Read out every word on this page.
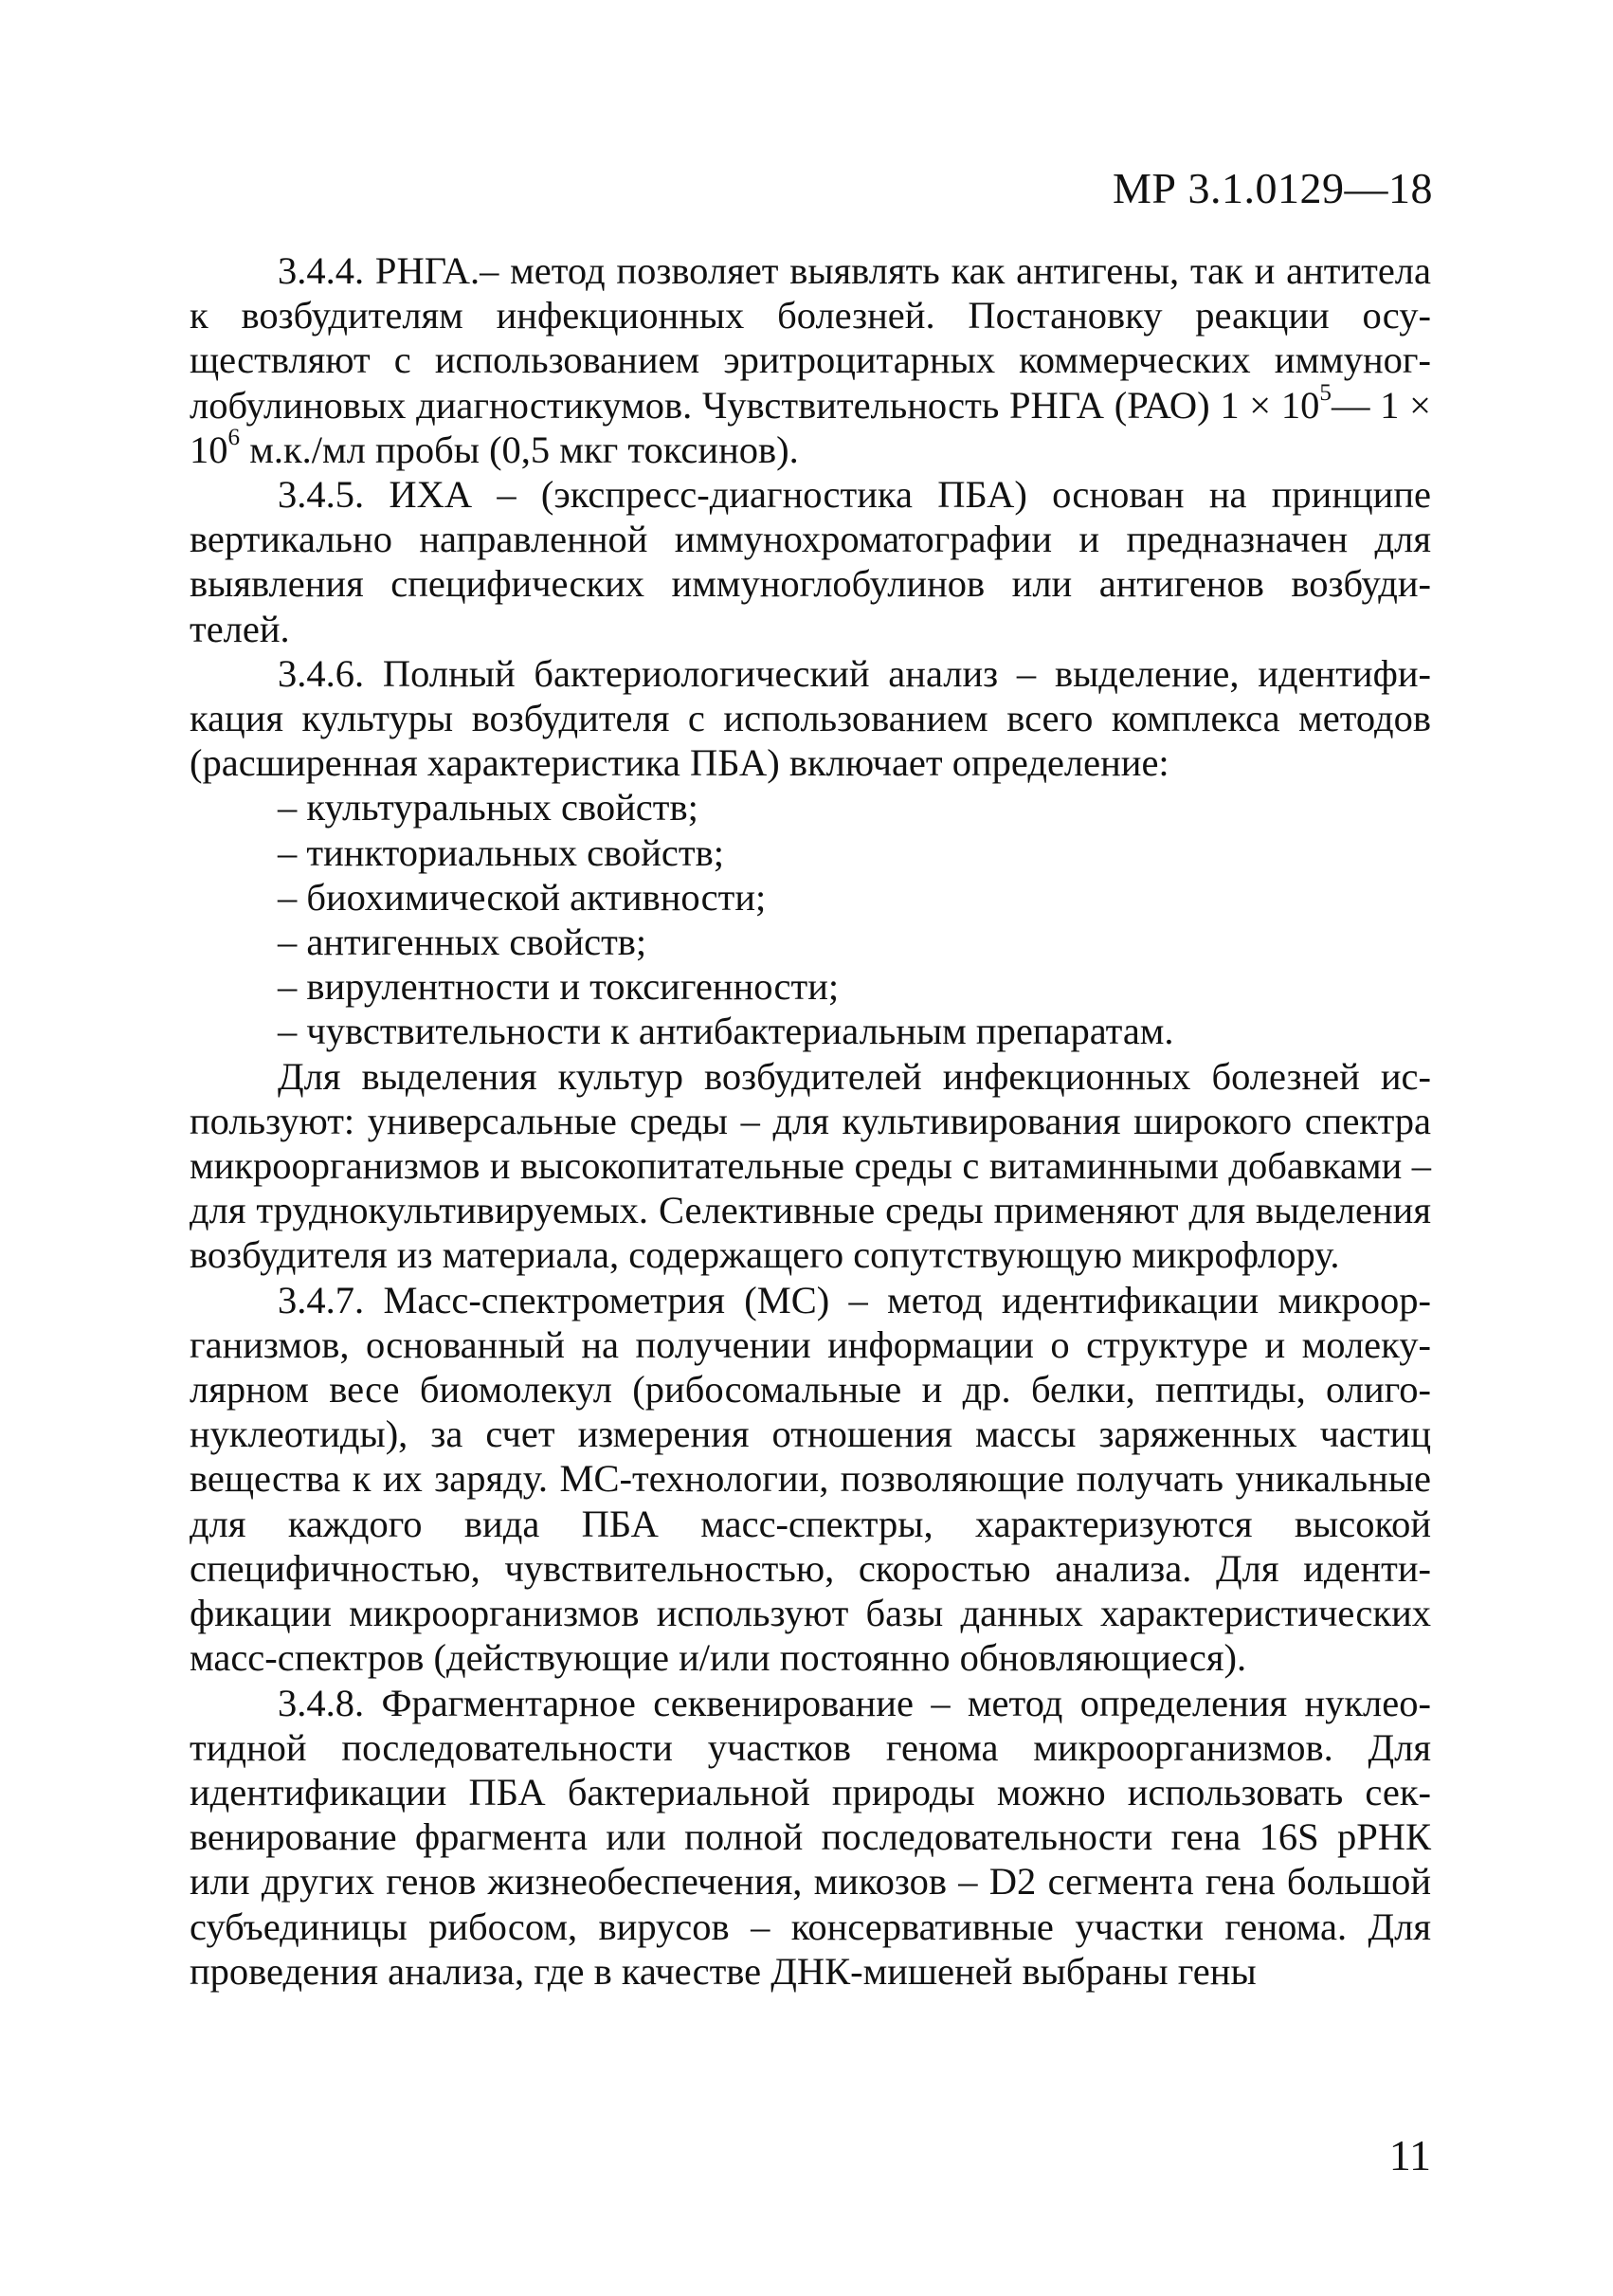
МР 3.1.0129—18

3.4.4. РНГА.– метод позволяет выявлять как антигены, так и антитела к возбудителям инфекционных болезней. Постановку реакции осуществляют с использованием эритроцитарных коммерческих иммуноглобулиновых диагностикумов. Чувствительность РНГА (РАО) $1 \times 10^5—$ $1 \times 10^6$ м.к./мл пробы (0,5 мкг токсинов).

3.4.5. ИХА – (экспресс-диагностика ПБА) основан на принципе вертикально направленной иммунохроматографии и предназначен для выявления специфических иммуноглобулинов или антигенов возбудителей.

3.4.6. Полный бактериологический анализ – выделение, идентификация культуры возбудителя с использованием всего комплекса методов (расширенная характеристика ПБА) включает определение:

– культуральных свойств;
– тинкториальных свойств;
– биохимической активности;
– антигенных свойств;
– вирулентности и токсигенности;
– чувствительности к антибактериальным препаратам.

Для выделения культур возбудителей инфекционных болезней используют: универсальные среды – для культивирования широкого спектра микроорганизмов и высокопитательные среды с витаминными добавками – для труднокультивируемых. Селективные среды применяют для выделения возбудителя из материала, содержащего сопутствующую микрофлору.

3.4.7. Масс-спектрометрия (МС) – метод идентификации микроорганизмов, основанный на получении информации о структуре и молекулярном весе биомолекул (рибосомальные и др. белки, пептиды, олигонуклеотиды), за счет измерения отношения массы заряженных частиц вещества к их заряду. МС-технологии, позволяющие получать уникальные для каждого вида ПБА масс-спектры, характеризуются высокой специфичностью, чувствительностью, скоростью анализа. Для идентификации микроорганизмов используют базы данных характеристических масс-спектров (действующие и/или постоянно обновляющиеся).

3.4.8. Фрагментарное секвенирование – метод определения нуклеотидной последовательности участков генома микроорганизмов. Для идентификации ПБА бактериальной природы можно использовать секвенирование фрагмента или полной последовательности гена 16S рРНК или других генов жизнеобеспечения, микозов – D2 сегмента гена большой субъединицы рибосом, вирусов – консервативные участки генома. Для проведения анализа, где в качестве ДНК-мишеней выбраны гены

11
